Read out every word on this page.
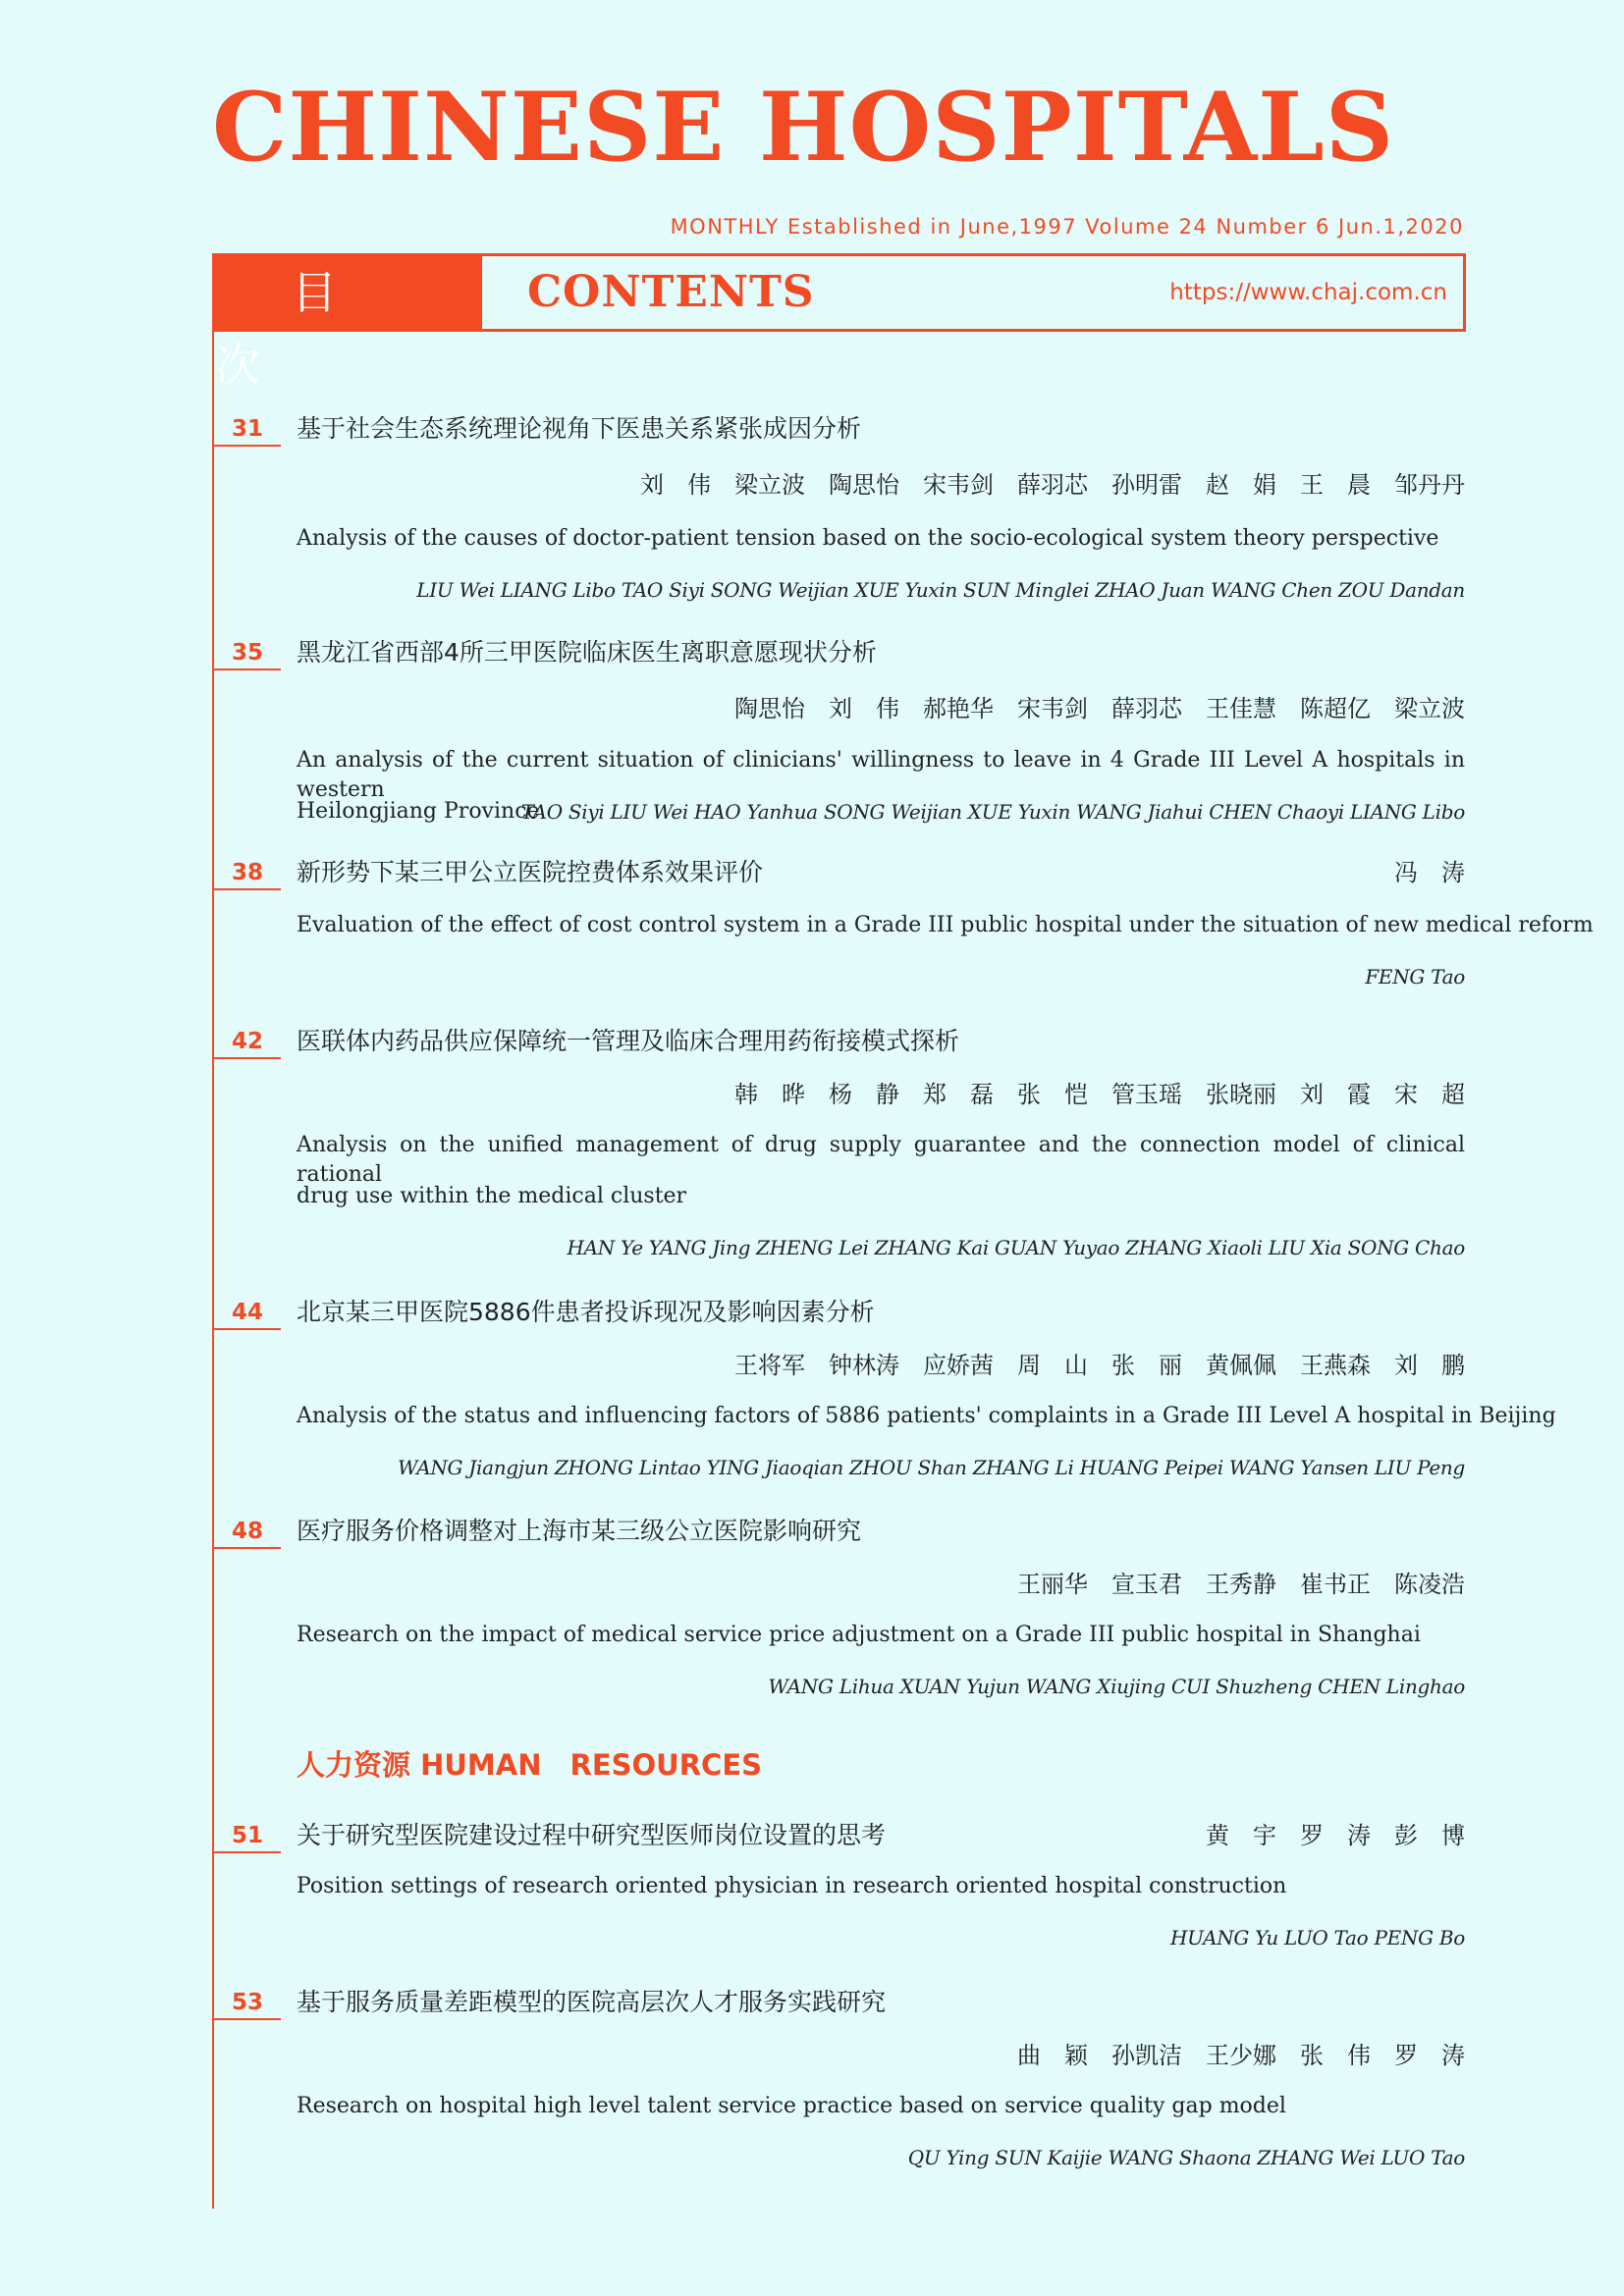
CHINESE HOSPITALS
MONTHLY Established in June,1997 Volume 24 Number 6 Jun.1,2020
目次
CONTENTS	https://www.chaj.com.cn
31 基于社会生态系统理论视角下医患关系紧张成因分析
刘　伟　梁立波　陶思怡　宋韦剑　薛羽芯　孙明雷　赵　娟　王　晨　邹丹丹
Analysis of the causes of doctor-patient tension based on the socio-ecological system theory perspective
LIU Wei LIANG Libo TAO Siyi SONG Weijian XUE Yuxin SUN Minglei ZHAO Juan WANG Chen ZOU Dandan
35 黑龙江省西部4所三甲医院临床医生离职意愿现状分析
陶思怡　刘　伟　郝艳华　宋韦剑　薛羽芯　王佳慧　陈超亿　梁立波
An analysis of the current situation of clinicians' willingness to leave in 4 Grade III Level A hospitals in western
Heilongjiang Province
TAO Siyi LIU Wei HAO Yanhua SONG Weijian XUE Yuxin WANG Jiahui CHEN Chaoyi LIANG Libo
38 新形势下某三甲公立医院控费体系效果评价	冯　涛
Evaluation of the effect of cost control system in a Grade III public hospital under the situation of new medical reform
FENG Tao
42 医联体内药品供应保障统一管理及临床合理用药衔接模式探析
韩　晔　杨　静　郑　磊　张　恺　管玉瑶　张晓丽　刘　霞　宋　超
Analysis on the unified management of drug supply guarantee and the connection model of clinical rational
drug use within the medical cluster
HAN Ye YANG Jing ZHENG Lei ZHANG Kai GUAN Yuyao ZHANG Xiaoli LIU Xia SONG Chao
44 北京某三甲医院5886件患者投诉现况及影响因素分析
王将军　钟林涛　应娇茜　周　山　张　丽　黄佩佩　王燕森　刘　鹏
Analysis of the status and influencing factors of 5886 patients' complaints in a Grade III Level A hospital in Beijing
WANG Jiangjun ZHONG Lintao YING Jiaoqian ZHOU Shan ZHANG Li HUANG Peipei WANG Yansen LIU Peng
48 医疗服务价格调整对上海市某三级公立医院影响研究
王丽华　宣玉君　王秀静　崔书正　陈凌浩
Research on the impact of medical service price adjustment on a Grade III public hospital in Shanghai
WANG Lihua XUAN Yujun WANG Xiujing CUI Shuzheng CHEN Linghao
人力资源 HUMAN　RESOURCES
51 关于研究型医院建设过程中研究型医师岗位设置的思考	黄　宇　罗　涛　彭　博
Position settings of research oriented physician in research oriented hospital construction
HUANG Yu LUO Tao PENG Bo
53 基于服务质量差距模型的医院高层次人才服务实践研究
曲　颖　孙凯洁　王少娜　张　伟　罗　涛
Research on hospital high level talent service practice based on service quality gap model
QU Ying SUN Kaijie WANG Shaona ZHANG Wei LUO Tao
